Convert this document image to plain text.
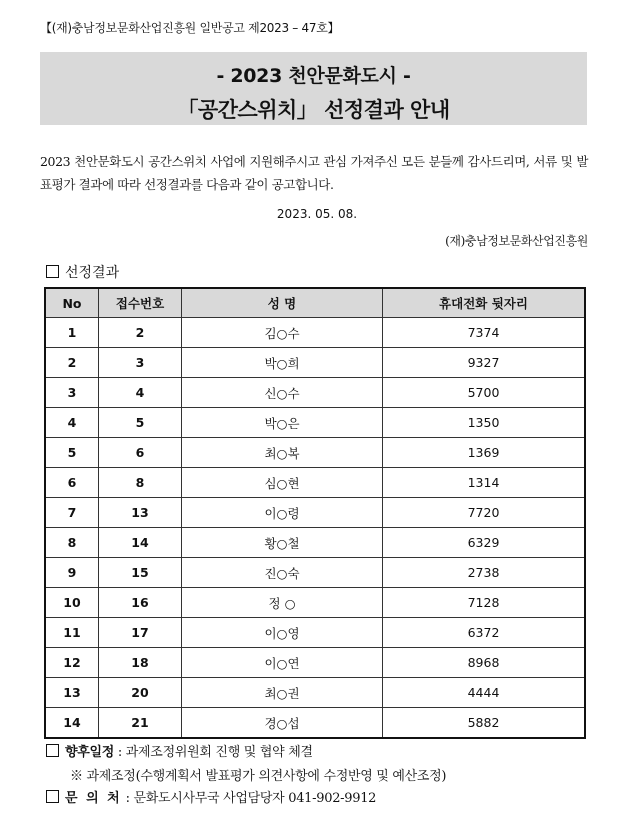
【(재)충남정보문화산업진흥원 일반공고 제2023 – 47호】
- 2023 천안문화도시 -
「공간스위치」 선정결과 안내
2023 천안문화도시 공간스위치 사업에 지원해주시고 관심 가져주신 모든 분들께 감사드리며, 서류 및 발표평가 결과에 따라 선정결과를 다음과 같이 공고합니다.
2023. 05. 08.
(재)충남정보문화산업진흥원
선정결과
No	접수번호	성 명	휴대전화 뒷자리
1	2	김○수	7374
2	3	박○희	9327
3	4	신○수	5700
4	5	박○은	1350
5	6	최○복	1369
6	8	심○현	1314
7	13	이○령	7720
8	14	황○철	6329
9	15	진○숙	2738
10	16	정 ○	7128
11	17	이○영	6372
12	18	이○연	8968
13	20	최○권	4444
14	21	경○섭	5882
향후일정 : 과제조정위원회 진행 및 협약 체결
※ 과제조정(수행계획서 발표평가 의견사항에 수정반영 및 예산조정)
문 의 처 : 문화도시사무국 사업담당자 041-902-9912
